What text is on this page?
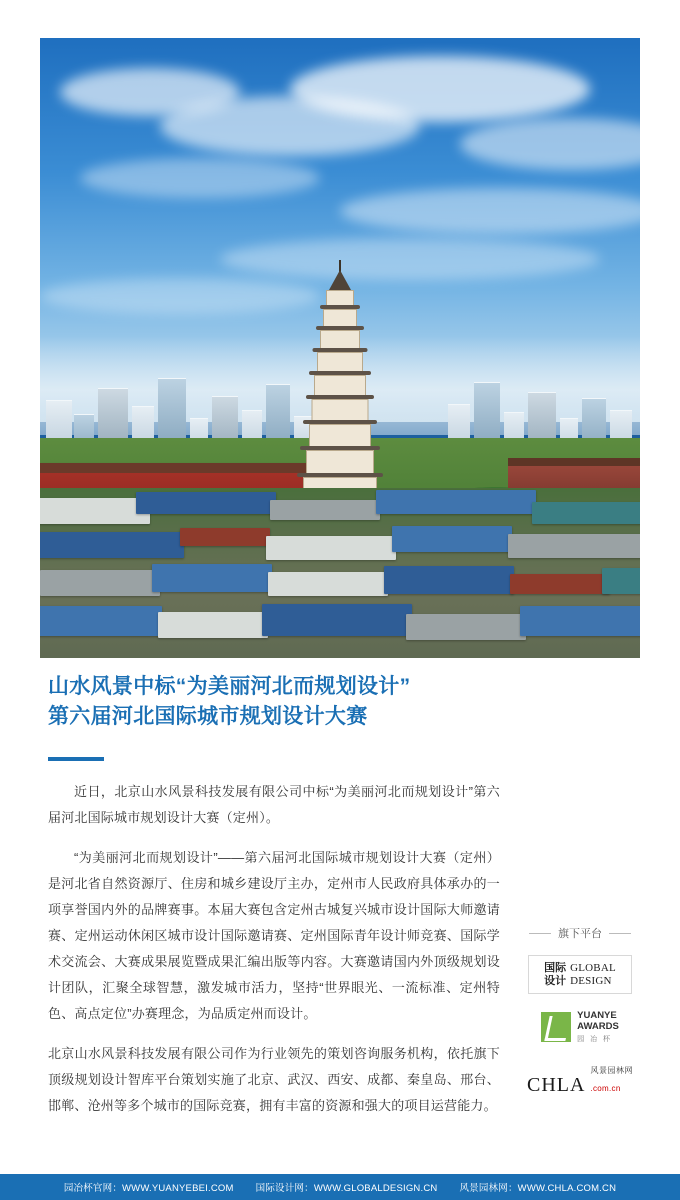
山水风景中标“为美丽河北而规划设计”
第六届河北国际城市规划设计大赛

近日，北京山水风景科技发展有限公司中标“为美丽河北而规划设计”第六届河北国际城市规划设计大赛（定州）。

“为美丽河北而规划设计”——第六届河北国际城市规划设计大赛（定州）是河北省自然资源厅、住房和城乡建设厅主办，定州市人民政府具体承办的一项享誉国内外的品牌赛事。本届大赛包含定州古城复兴城市设计国际大师邀请赛、定州运动休闲区城市设计国际邀请赛、定州国际青年设计师竞赛、国际学术交流会、大赛成果展览暨成果汇编出版等内容。大赛邀请国内外顶级规划设计团队，汇聚全球智慧，激发城市活力，坚持“世界眼光、一流标准、定州特色、高点定位”办赛理念，为品质定州而设计。

北京山水风景科技发展有限公司作为行业领先的策划咨询服务机构，依托旗下顶级规划设计智库平台策划实施了北京、武汉、西安、成都、秦皇岛、邢台、邯郸、沧州等多个城市的国际竞赛，拥有丰富的资源和强大的项目运营能力。

旗下平台
国际
设计
GLOBAL
DESIGN
YUANYE
AWARDS
园 冶 杯
CHLA
风景园林网
.com.cn
园冶杯官网：WWW.YUANYEBEI.COM 国际设计网：WWW.GLOBALDESIGN.CN 风景园林网：WWW.CHLA.COM.CN
